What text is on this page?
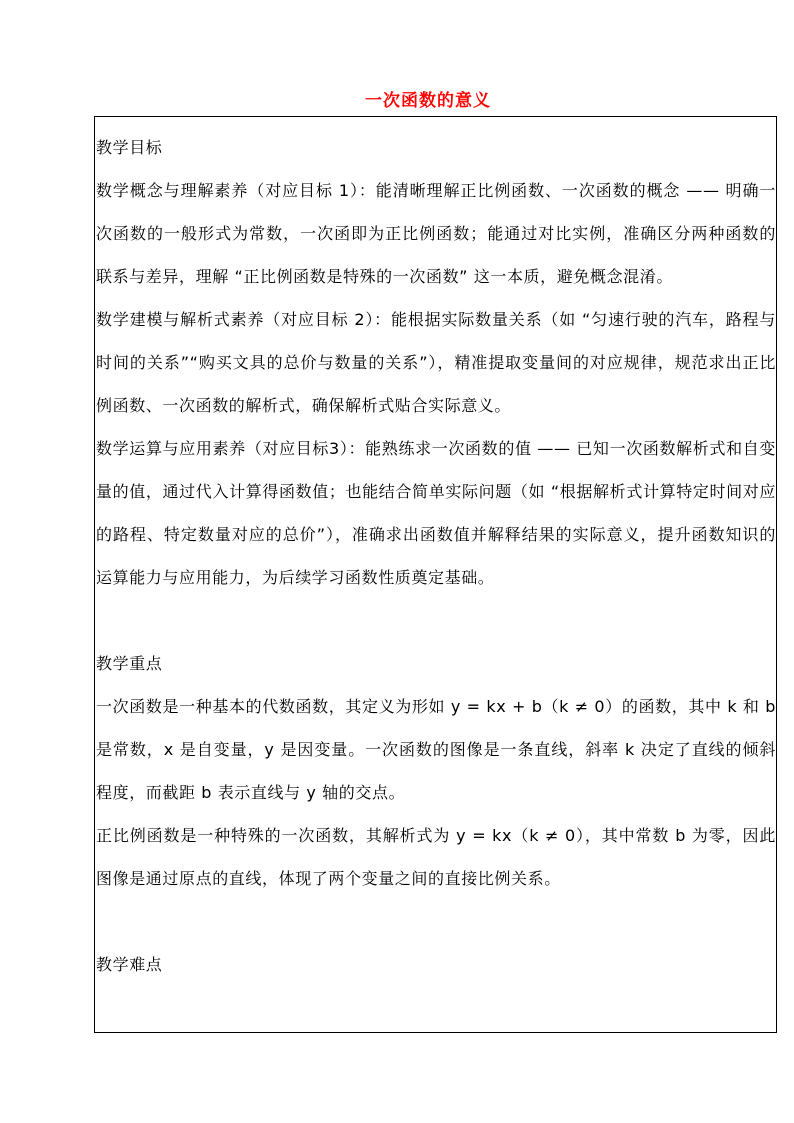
一次函数的意义

教学目标

数学概念与理解素养（对应目标 1）：能清晰理解正比例函数、一次函数的概念 —— 明确一次函数的一般形式为常数，一次函即为正比例函数；能通过对比实例，准确区分两种函数的联系与差异，理解 “正比例函数是特殊的一次函数” 这一本质，避免概念混淆。

数学建模与解析式素养（对应目标 2）：能根据实际数量关系（如 “匀速行驶的汽车，路程与时间的关系”“购买文具的总价与数量的关系”），精准提取变量间的对应规律，规范求出正比例函数、一次函数的解析式，确保解析式贴合实际意义。

数学运算与应用素养（对应目标3）：能熟练求一次函数的值 —— 已知一次函数解析式和自变量的值，通过代入计算得函数值；也能结合简单实际问题（如 “根据解析式计算特定时间对应的路程、特定数量对应的总价”），准确求出函数值并解释结果的实际意义，提升函数知识的运算能力与应用能力，为后续学习函数性质奠定基础。

教学重点

一次函数是一种基本的代数函数，其定义为形如 y = kx + b（k ≠ 0）的函数，其中 k 和 b 是常数，x 是自变量，y 是因变量。一次函数的图像是一条直线，斜率 k 决定了直线的倾斜程度，而截距 b 表示直线与 y 轴的交点。

正比例函数是一种特殊的一次函数，其解析式为 y = kx（k ≠ 0），其中常数 b 为零，因此图像是通过原点的直线，体现了两个变量之间的直接比例关系。

教学难点
